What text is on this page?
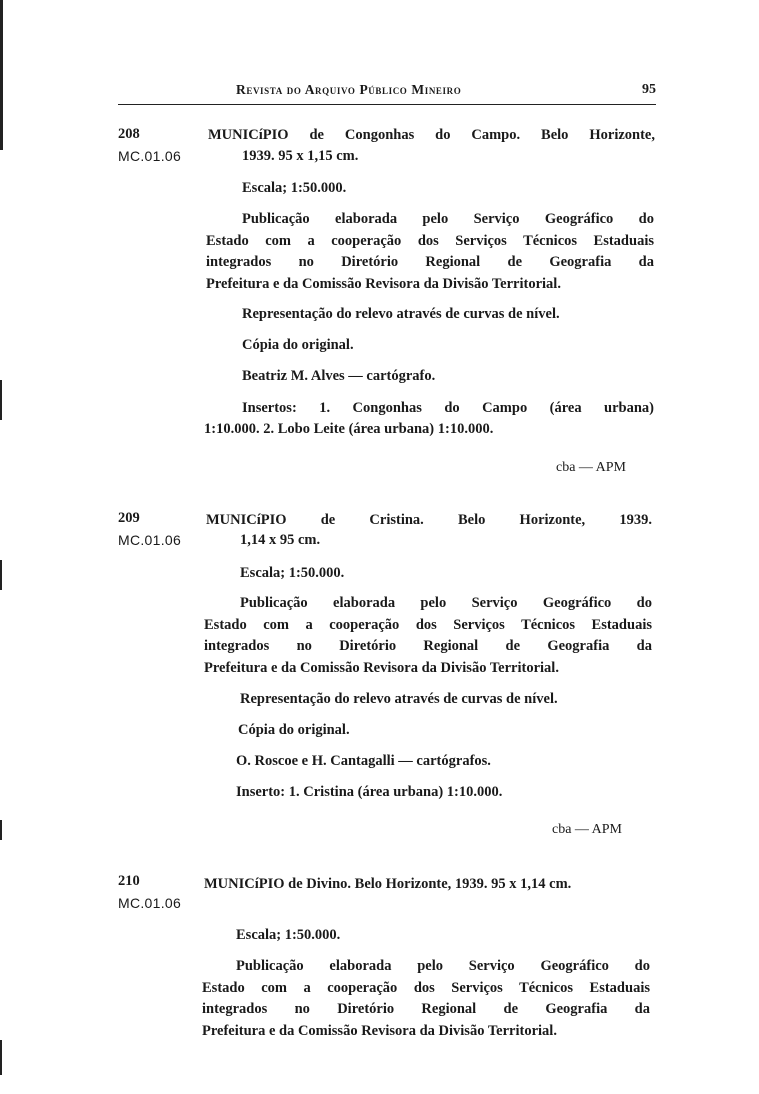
Revista do Arquivo Público Mineiro	95
208
MC.01.06
MUNICíPIO de Congonhas do Campo. Belo Horizonte,
1939. 95 x 1,15 cm.
Escala; 1:50.000.
Publicação elaborada pelo Serviço Geográfico do
Estado com a cooperação dos Serviços Técnicos Estaduais
integrados no Diretório Regional de Geografia da
Prefeitura e da Comissão Revisora da Divisão Territorial.
Representação do relevo através de curvas de nível.
Cópia do original.
Beatriz M. Alves — cartógrafo.
Insertos: 1. Congonhas do Campo (área urbana)
1:10.000. 2. Lobo Leite (área urbana) 1:10.000.
cba — APM
209
MC.01.06
MUNICíPIO de Cristina. Belo Horizonte, 1939.
1,14 x 95 cm.
Escala; 1:50.000.
Publicação elaborada pelo Serviço Geográfico do
Estado com a cooperação dos Serviços Técnicos Estaduais
integrados no Diretório Regional de Geografia da
Prefeitura e da Comissão Revisora da Divisão Territorial.
Representação do relevo através de curvas de nível.
Cópia do original.
O. Roscoe e H. Cantagalli — cartógrafos.
Inserto: 1. Cristina (área urbana) 1:10.000.
cba — APM
210
MC.01.06
MUNICíPIO de Divino. Belo Horizonte, 1939. 95 x 1,14 cm.
Escala; 1:50.000.
Publicação elaborada pelo Serviço Geográfico do
Estado com a cooperação dos Serviços Técnicos Estaduais
integrados no Diretório Regional de Geografia da
Prefeitura e da Comissão Revisora da Divisão Territorial.
